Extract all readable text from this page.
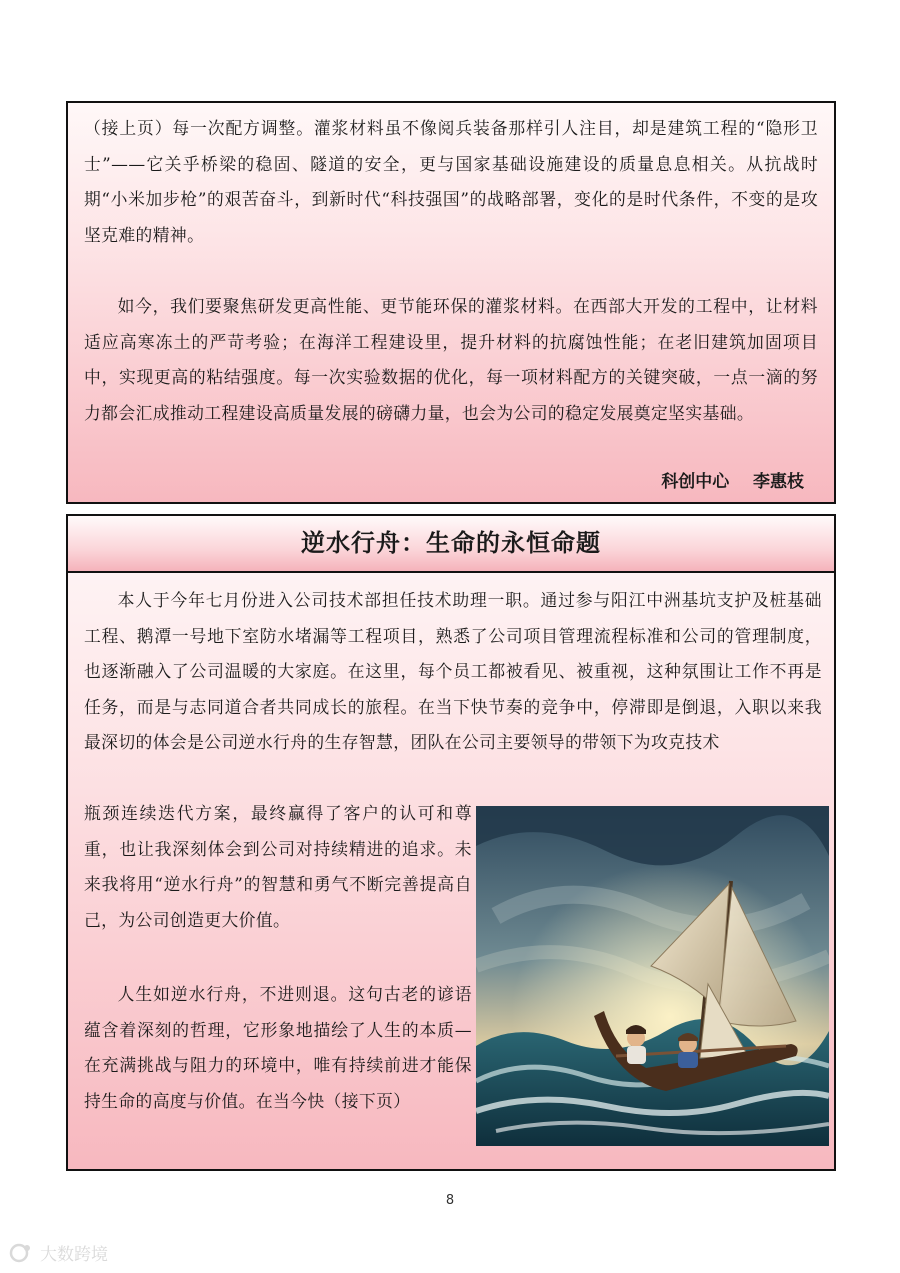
（接上页）每一次配方调整。灌浆材料虽不像阅兵装备那样引人注目，却是建筑工程的“隐形卫士”——它关乎桥梁的稳固、隧道的安全，更与国家基础设施建设的质量息息相关。从抗战时期“小米加步枪”的艰苦奋斗，到新时代“科技强国”的战略部署，变化的是时代条件，不变的是攻坚克难的精神。

如今，我们要聚焦研发更高性能、更节能环保的灌浆材料。在西部大开发的工程中，让材料适应高寒冻土的严苛考验；在海洋工程建设里，提升材料的抗腐蚀性能；在老旧建筑加固项目中，实现更高的粘结强度。每一次实验数据的优化，每一项材料配方的关键突破，一点一滴的努力都会汇成推动工程建设高质量发展的磅礴力量，也会为公司的稳定发展奠定坚实基础。

科创中心    李惠枝
逆水行舟：生命的永恒命题

本人于今年七月份进入公司技术部担任技术助理一职。通过参与阳江中洲基坑支护及桩基础工程、鹅潭一号地下室防水堵漏等工程项目，熟悉了公司项目管理流程标准和公司的管理制度，也逐渐融入了公司温暖的大家庭。在这里，每个员工都被看见、被重视，这种氛围让工作不再是任务，而是与志同道合者共同成长的旅程。在当下快节奏的竞争中，停滞即是倒退，入职以来我最深切的体会是公司逆水行舟的生存智慧，团队在公司主要领导的带领下为攻克技术

瓶颈连续迭代方案，最终赢得了客户的认可和尊重，也让我深刻体会到公司对持续精进的追求。未来我将用“逆水行舟”的智慧和勇气不断完善提高自己，为公司创造更大价值。

人生如逆水行舟，不进则退。这句古老的谚语蕴含着深刻的哲理，它形象地描绘了人生的本质—在充满挑战与阻力的环境中，唯有持续前进才能保持生命的高度与价值。在当今快（接下页）

8
大数跨境
